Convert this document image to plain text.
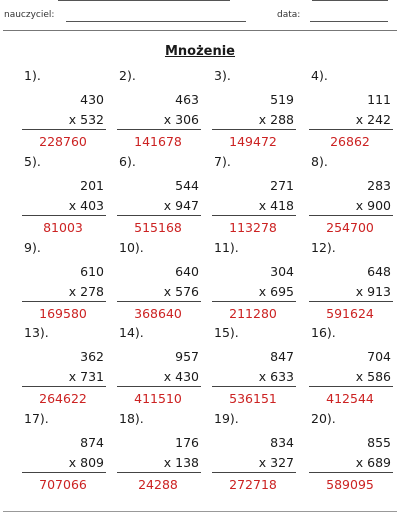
nauczyciel:	data:
Mnożenie
1).
430
x 532
228760
2).
463
x 306
141678
3).
519
x 288
149472
4).
111
x 242
26862
5).
201
x 403
81003
6).
544
x 947
515168
7).
271
x 418
113278
8).
283
x 900
254700
9).
610
x 278
169580
10).
640
x 576
368640
11).
304
x 695
211280
12).
648
x 913
591624
13).
362
x 731
264622
14).
957
x 430
411510
15).
847
x 633
536151
16).
704
x 586
412544
17).
874
x 809
707066
18).
176
x 138
24288
19).
834
x 327
272718
20).
855
x 689
589095
